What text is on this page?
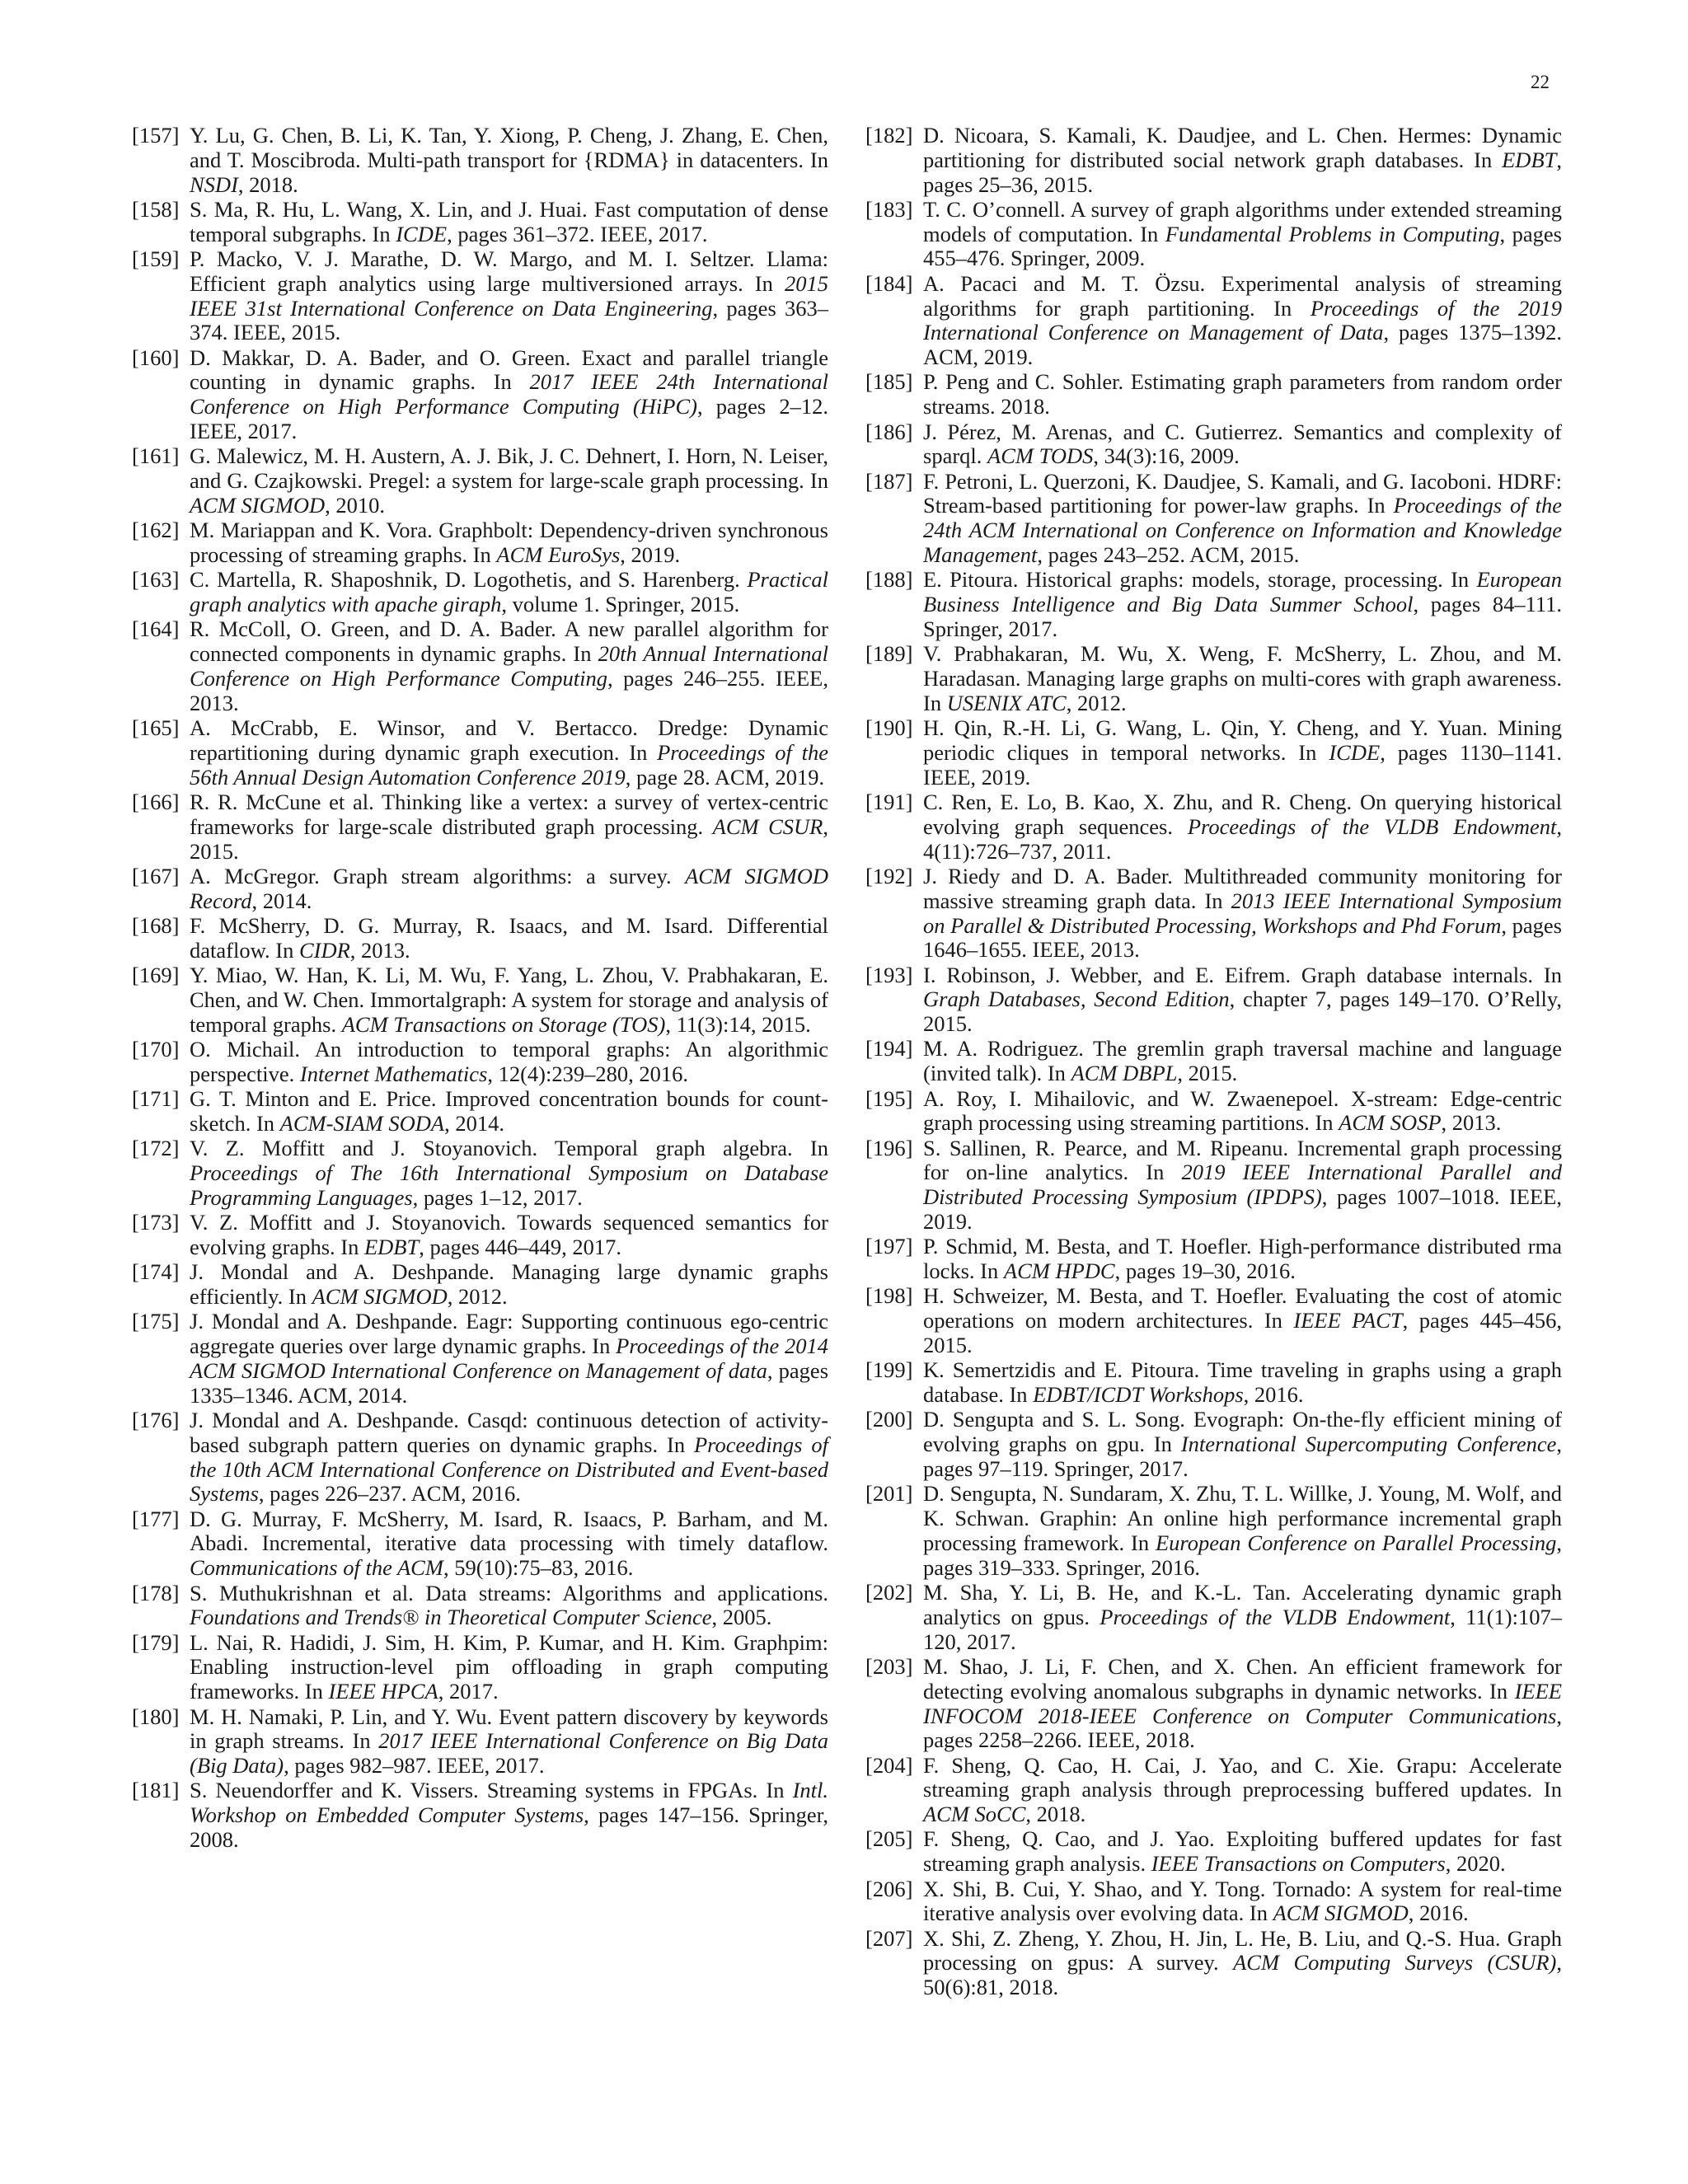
22
[157] Y. Lu, G. Chen, B. Li, K. Tan, Y. Xiong, P. Cheng, J. Zhang, E. Chen, and T. Moscibroda. Multi-path transport for {RDMA} in datacenters. In NSDI, 2018.
[158] S. Ma, R. Hu, L. Wang, X. Lin, and J. Huai. Fast computation of dense temporal subgraphs. In ICDE, pages 361–372. IEEE, 2017.
[159] P. Macko, V. J. Marathe, D. W. Margo, and M. I. Seltzer. Llama: Efficient graph analytics using large multiversioned arrays. In 2015 IEEE 31st International Conference on Data Engineering, pages 363–374. IEEE, 2015.
[160] D. Makkar, D. A. Bader, and O. Green. Exact and parallel triangle counting in dynamic graphs. In 2017 IEEE 24th International Conference on High Performance Computing (HiPC), pages 2–12. IEEE, 2017.
[161] G. Malewicz, M. H. Austern, A. J. Bik, J. C. Dehnert, I. Horn, N. Leiser, and G. Czajkowski. Pregel: a system for large-scale graph processing. In ACM SIGMOD, 2010.
[162] M. Mariappan and K. Vora. Graphbolt: Dependency-driven synchronous processing of streaming graphs. In ACM EuroSys, 2019.
[163] C. Martella, R. Shaposhnik, D. Logothetis, and S. Harenberg. Practical graph analytics with apache giraph, volume 1. Springer, 2015.
[164] R. McColl, O. Green, and D. A. Bader. A new parallel algorithm for connected components in dynamic graphs. In 20th Annual International Conference on High Performance Computing, pages 246–255. IEEE, 2013.
[165] A. McCrabb, E. Winsor, and V. Bertacco. Dredge: Dynamic repartitioning during dynamic graph execution. In Proceedings of the 56th Annual Design Automation Conference 2019, page 28. ACM, 2019.
[166] R. R. McCune et al. Thinking like a vertex: a survey of vertex-centric frameworks for large-scale distributed graph processing. ACM CSUR, 2015.
[167] A. McGregor. Graph stream algorithms: a survey. ACM SIGMOD Record, 2014.
[168] F. McSherry, D. G. Murray, R. Isaacs, and M. Isard. Differential dataflow. In CIDR, 2013.
[169] Y. Miao, W. Han, K. Li, M. Wu, F. Yang, L. Zhou, V. Prabhakaran, E. Chen, and W. Chen. Immortalgraph: A system for storage and analysis of temporal graphs. ACM Transactions on Storage (TOS), 11(3):14, 2015.
[170] O. Michail. An introduction to temporal graphs: An algorithmic perspective. Internet Mathematics, 12(4):239–280, 2016.
[171] G. T. Minton and E. Price. Improved concentration bounds for count-sketch. In ACM-SIAM SODA, 2014.
[172] V. Z. Moffitt and J. Stoyanovich. Temporal graph algebra. In Proceedings of The 16th International Symposium on Database Programming Languages, pages 1–12, 2017.
[173] V. Z. Moffitt and J. Stoyanovich. Towards sequenced semantics for evolving graphs. In EDBT, pages 446–449, 2017.
[174] J. Mondal and A. Deshpande. Managing large dynamic graphs efficiently. In ACM SIGMOD, 2012.
[175] J. Mondal and A. Deshpande. Eagr: Supporting continuous ego-centric aggregate queries over large dynamic graphs. In Proceedings of the 2014 ACM SIGMOD International Conference on Management of data, pages 1335–1346. ACM, 2014.
[176] J. Mondal and A. Deshpande. Casqd: continuous detection of activity-based subgraph pattern queries on dynamic graphs. In Proceedings of the 10th ACM International Conference on Distributed and Event-based Systems, pages 226–237. ACM, 2016.
[177] D. G. Murray, F. McSherry, M. Isard, R. Isaacs, P. Barham, and M. Abadi. Incremental, iterative data processing with timely dataflow. Communications of the ACM, 59(10):75–83, 2016.
[178] S. Muthukrishnan et al. Data streams: Algorithms and applications. Foundations and Trends® in Theoretical Computer Science, 2005.
[179] L. Nai, R. Hadidi, J. Sim, H. Kim, P. Kumar, and H. Kim. Graphpim: Enabling instruction-level pim offloading in graph computing frameworks. In IEEE HPCA, 2017.
[180] M. H. Namaki, P. Lin, and Y. Wu. Event pattern discovery by keywords in graph streams. In 2017 IEEE International Conference on Big Data (Big Data), pages 982–987. IEEE, 2017.
[181] S. Neuendorffer and K. Vissers. Streaming systems in FPGAs. In Intl. Workshop on Embedded Computer Systems, pages 147–156. Springer, 2008.
[182] D. Nicoara, S. Kamali, K. Daudjee, and L. Chen. Hermes: Dynamic partitioning for distributed social network graph databases. In EDBT, pages 25–36, 2015.
[183] T. C. O’connell. A survey of graph algorithms under extended streaming models of computation. In Fundamental Problems in Computing, pages 455–476. Springer, 2009.
[184] A. Pacaci and M. T. Özsu. Experimental analysis of streaming algorithms for graph partitioning. In Proceedings of the 2019 International Conference on Management of Data, pages 1375–1392. ACM, 2019.
[185] P. Peng and C. Sohler. Estimating graph parameters from random order streams. 2018.
[186] J. Pérez, M. Arenas, and C. Gutierrez. Semantics and complexity of sparql. ACM TODS, 34(3):16, 2009.
[187] F. Petroni, L. Querzoni, K. Daudjee, S. Kamali, and G. Iacoboni. HDRF: Stream-based partitioning for power-law graphs. In Proceedings of the 24th ACM International on Conference on Information and Knowledge Management, pages 243–252. ACM, 2015.
[188] E. Pitoura. Historical graphs: models, storage, processing. In European Business Intelligence and Big Data Summer School, pages 84–111. Springer, 2017.
[189] V. Prabhakaran, M. Wu, X. Weng, F. McSherry, L. Zhou, and M. Haradasan. Managing large graphs on multi-cores with graph awareness. In USENIX ATC, 2012.
[190] H. Qin, R.-H. Li, G. Wang, L. Qin, Y. Cheng, and Y. Yuan. Mining periodic cliques in temporal networks. In ICDE, pages 1130–1141. IEEE, 2019.
[191] C. Ren, E. Lo, B. Kao, X. Zhu, and R. Cheng. On querying historical evolving graph sequences. Proceedings of the VLDB Endowment, 4(11):726–737, 2011.
[192] J. Riedy and D. A. Bader. Multithreaded community monitoring for massive streaming graph data. In 2013 IEEE International Symposium on Parallel & Distributed Processing, Workshops and Phd Forum, pages 1646–1655. IEEE, 2013.
[193] I. Robinson, J. Webber, and E. Eifrem. Graph database internals. In Graph Databases, Second Edition, chapter 7, pages 149–170. O’Relly, 2015.
[194] M. A. Rodriguez. The gremlin graph traversal machine and language (invited talk). In ACM DBPL, 2015.
[195] A. Roy, I. Mihailovic, and W. Zwaenepoel. X-stream: Edge-centric graph processing using streaming partitions. In ACM SOSP, 2013.
[196] S. Sallinen, R. Pearce, and M. Ripeanu. Incremental graph processing for on-line analytics. In 2019 IEEE International Parallel and Distributed Processing Symposium (IPDPS), pages 1007–1018. IEEE, 2019.
[197] P. Schmid, M. Besta, and T. Hoefler. High-performance distributed rma locks. In ACM HPDC, pages 19–30, 2016.
[198] H. Schweizer, M. Besta, and T. Hoefler. Evaluating the cost of atomic operations on modern architectures. In IEEE PACT, pages 445–456, 2015.
[199] K. Semertzidis and E. Pitoura. Time traveling in graphs using a graph database. In EDBT/ICDT Workshops, 2016.
[200] D. Sengupta and S. L. Song. Evograph: On-the-fly efficient mining of evolving graphs on gpu. In International Supercomputing Conference, pages 97–119. Springer, 2017.
[201] D. Sengupta, N. Sundaram, X. Zhu, T. L. Willke, J. Young, M. Wolf, and K. Schwan. Graphin: An online high performance incremental graph processing framework. In European Conference on Parallel Processing, pages 319–333. Springer, 2016.
[202] M. Sha, Y. Li, B. He, and K.-L. Tan. Accelerating dynamic graph analytics on gpus. Proceedings of the VLDB Endowment, 11(1):107–120, 2017.
[203] M. Shao, J. Li, F. Chen, and X. Chen. An efficient framework for detecting evolving anomalous subgraphs in dynamic networks. In IEEE INFOCOM 2018-IEEE Conference on Computer Communications, pages 2258–2266. IEEE, 2018.
[204] F. Sheng, Q. Cao, H. Cai, J. Yao, and C. Xie. Grapu: Accelerate streaming graph analysis through preprocessing buffered updates. In ACM SoCC, 2018.
[205] F. Sheng, Q. Cao, and J. Yao. Exploiting buffered updates for fast streaming graph analysis. IEEE Transactions on Computers, 2020.
[206] X. Shi, B. Cui, Y. Shao, and Y. Tong. Tornado: A system for real-time iterative analysis over evolving data. In ACM SIGMOD, 2016.
[207] X. Shi, Z. Zheng, Y. Zhou, H. Jin, L. He, B. Liu, and Q.-S. Hua. Graph processing on gpus: A survey. ACM Computing Surveys (CSUR), 50(6):81, 2018.
